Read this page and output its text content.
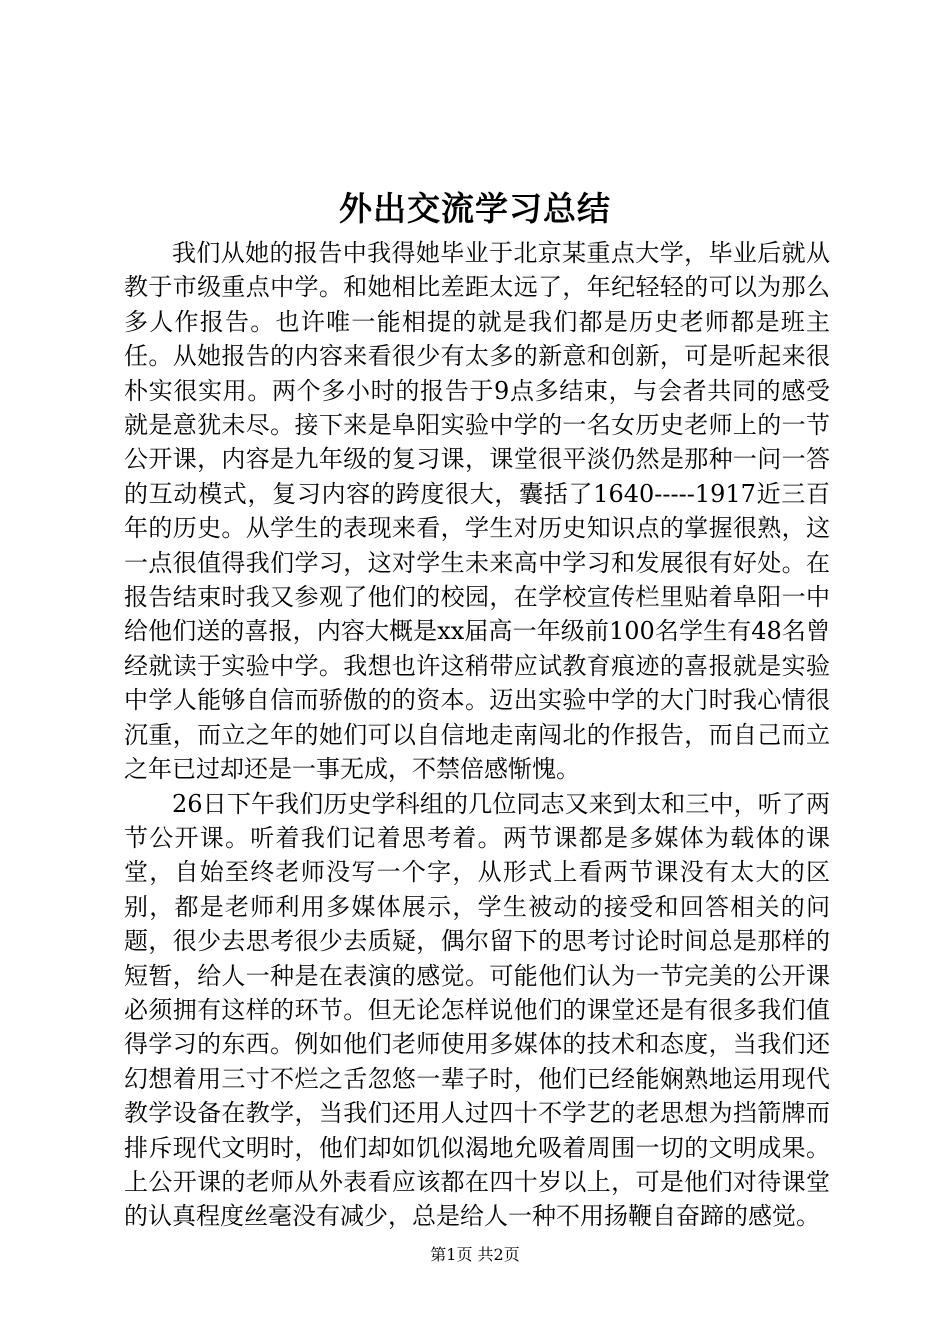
外出交流学习总结

我们从她的报告中我得她毕业于北京某重点大学，毕业后就从教于市级重点中学。和她相比差距太远了，年纪轻轻的可以为那么多人作报告。也许唯一能相提的就是我们都是历史老师都是班主任。从她报告的内容来看很少有太多的新意和创新，可是听起来很朴实很实用。两个多小时的报告于9点多结束，与会者共同的感受就是意犹未尽。接下来是阜阳实验中学的一名女历史老师上的一节公开课，内容是九年级的复习课，课堂很平淡仍然是那种一问一答的互动模式，复习内容的跨度很大，囊括了1640-----1917近三百年的历史。从学生的表现来看，学生对历史知识点的掌握很熟，这一点很值得我们学习，这对学生未来高中学习和发展很有好处。在报告结束时我又参观了他们的校园，在学校宣传栏里贴着阜阳一中给他们送的喜报，内容大概是xx届高一年级前100名学生有48名曾经就读于实验中学。我想也许这稍带应试教育痕迹的喜报就是实验中学人能够自信而骄傲的的资本。迈出实验中学的大门时我心情很沉重，而立之年的她们可以自信地走南闯北的作报告，而自己而立之年已过却还是一事无成，不禁倍感惭愧。

26日下午我们历史学科组的几位同志又来到太和三中，听了两节公开课。听着我们记着思考着。两节课都是多媒体为载体的课堂，自始至终老师没写一个字，从形式上看两节课没有太大的区别，都是老师利用多媒体展示，学生被动的接受和回答相关的问题，很少去思考很少去质疑，偶尔留下的思考讨论时间总是那样的短暂，给人一种是在表演的感觉。可能他们认为一节完美的公开课必须拥有这样的环节。但无论怎样说他们的课堂还是有很多我们值得学习的东西。例如他们老师使用多媒体的技术和态度，当我们还幻想着用三寸不烂之舌忽悠一辈子时，他们已经能娴熟地运用现代教学设备在教学，当我们还用人过四十不学艺的老思想为挡箭牌而排斥现代文明时，他们却如饥似渴地允吸着周围一切的文明成果。上公开课的老师从外表看应该都在四十岁以上，可是他们对待课堂的认真程度丝毫没有减少，总是给人一种不用扬鞭自奋蹄的感觉。

第1页 共2页
